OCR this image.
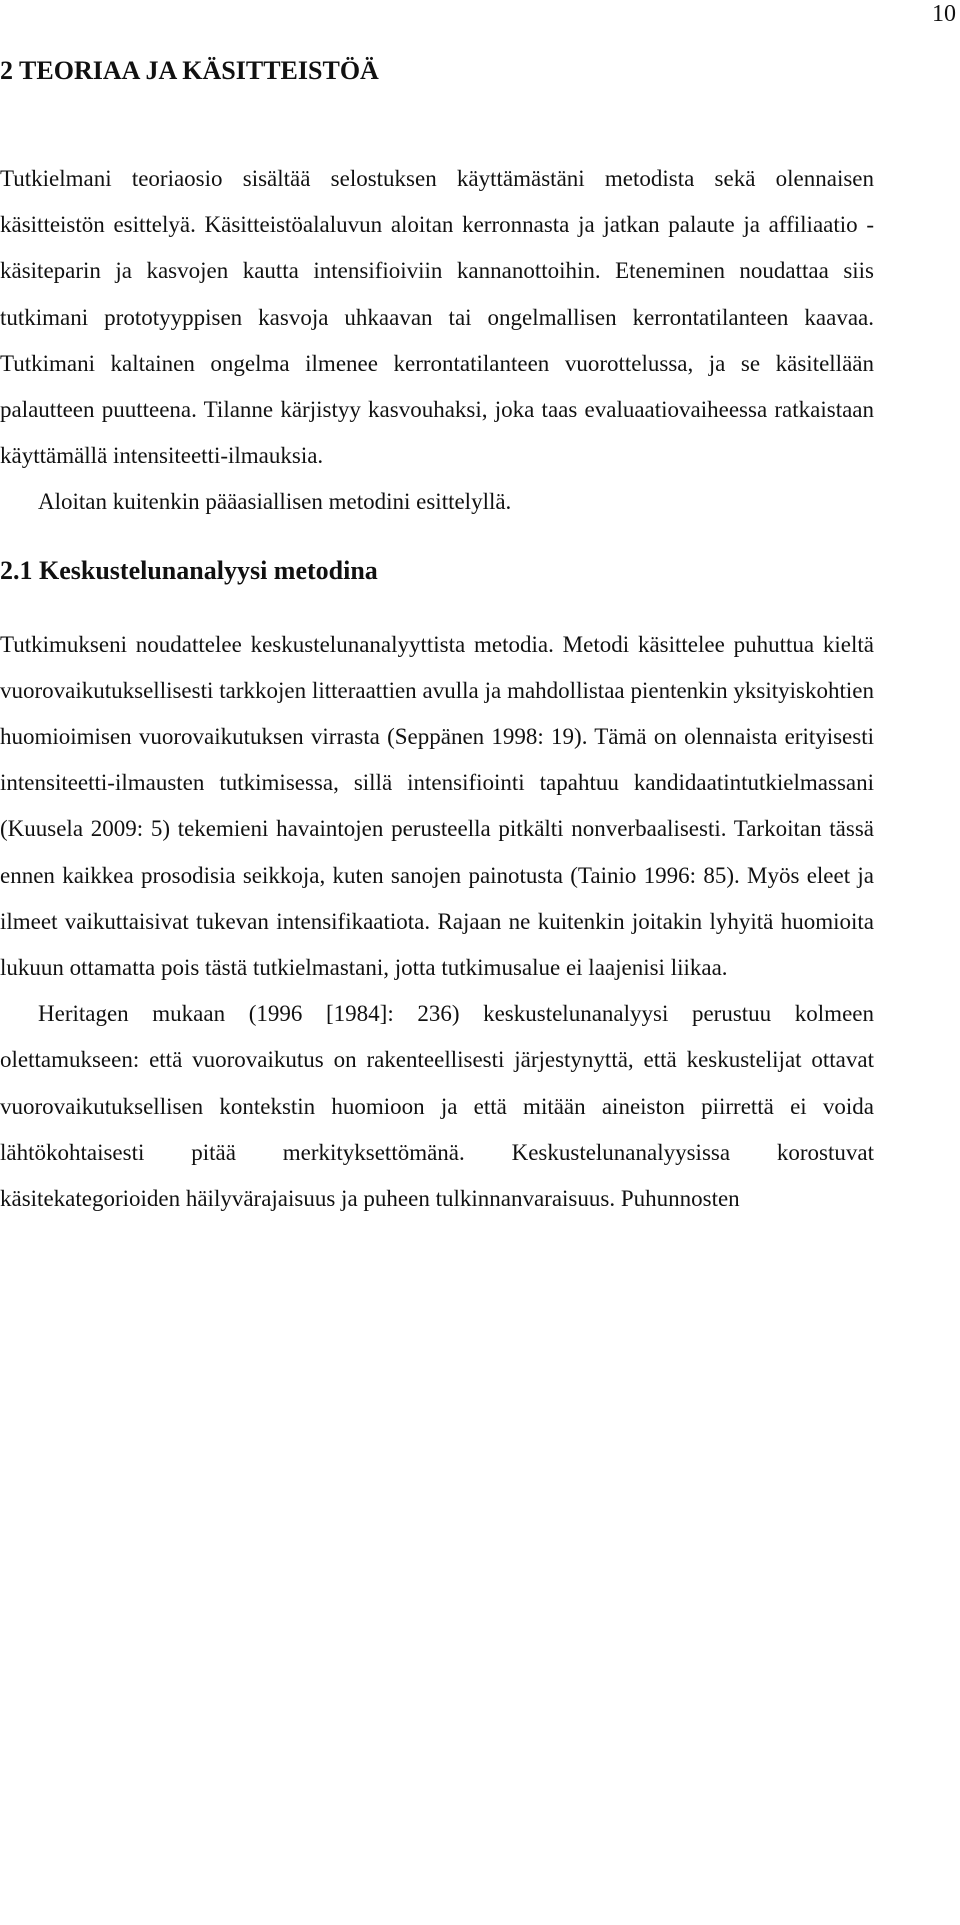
10
2 TEORIAA JA KÄSITTEISTÖÄ

Tutkielmani teoriaosio sisältää selostuksen käyttämästäni metodista sekä olennaisen käsitteistön esittelyä. Käsitteistöalaluvun aloitan kerronnasta ja jatkan palaute ja affiliaatio -käsiteparin ja kasvojen kautta intensifioiviin kannanottoihin. Eteneminen noudattaa siis tutkimani prototyyppisen kasvoja uhkaavan tai ongelmallisen kerrontatilanteen kaavaa. Tutkimani kaltainen ongelma ilmenee kerrontatilanteen vuorottelussa, ja se käsitellään palautteen puutteena. Tilanne kärjistyy kasvouhaksi, joka taas evaluaatiovaiheessa ratkaistaan käyttämällä intensiteetti-ilmauksia.

Aloitan kuitenkin pääasiallisen metodini esittelyllä.

2.1 Keskustelunanalyysi metodina

Tutkimukseni noudattelee keskustelunanalyyttista metodia. Metodi käsittelee puhuttua kieltä vuorovaikutuksellisesti tarkkojen litteraattien avulla ja mahdollistaa pientenkin yksityiskohtien huomioimisen vuorovaikutuksen virrasta (Seppänen 1998: 19). Tämä on olennaista erityisesti intensiteetti-ilmausten tutkimisessa, sillä intensifiointi tapahtuu kandidaatintutkielmassani (Kuusela 2009: 5) tekemieni havaintojen perusteella pitkälti nonverbaalisesti. Tarkoitan tässä ennen kaikkea prosodisia seikkoja, kuten sanojen painotusta (Tainio 1996: 85). Myös eleet ja ilmeet vaikuttaisivat tukevan intensifikaatiota. Rajaan ne kuitenkin joitakin lyhyitä huomioita lukuun ottamatta pois tästä tutkielmastani, jotta tutkimusalue ei laajenisi liikaa.

Heritagen mukaan (1996 [1984]: 236) keskustelunanalyysi perustuu kolmeen olettamukseen: että vuorovaikutus on rakenteellisesti järjestynyttä, että keskustelijat ottavat vuorovaikutuksellisen kontekstin huomioon ja että mitään aineiston piirrettä ei voida lähtökohtaisesti pitää merkityksettömänä. Keskustelunanalyysissa korostuvat käsitekategorioiden häilyvärajaisuus ja puheen tulkinnanvaraisuus. Puhunnosten
